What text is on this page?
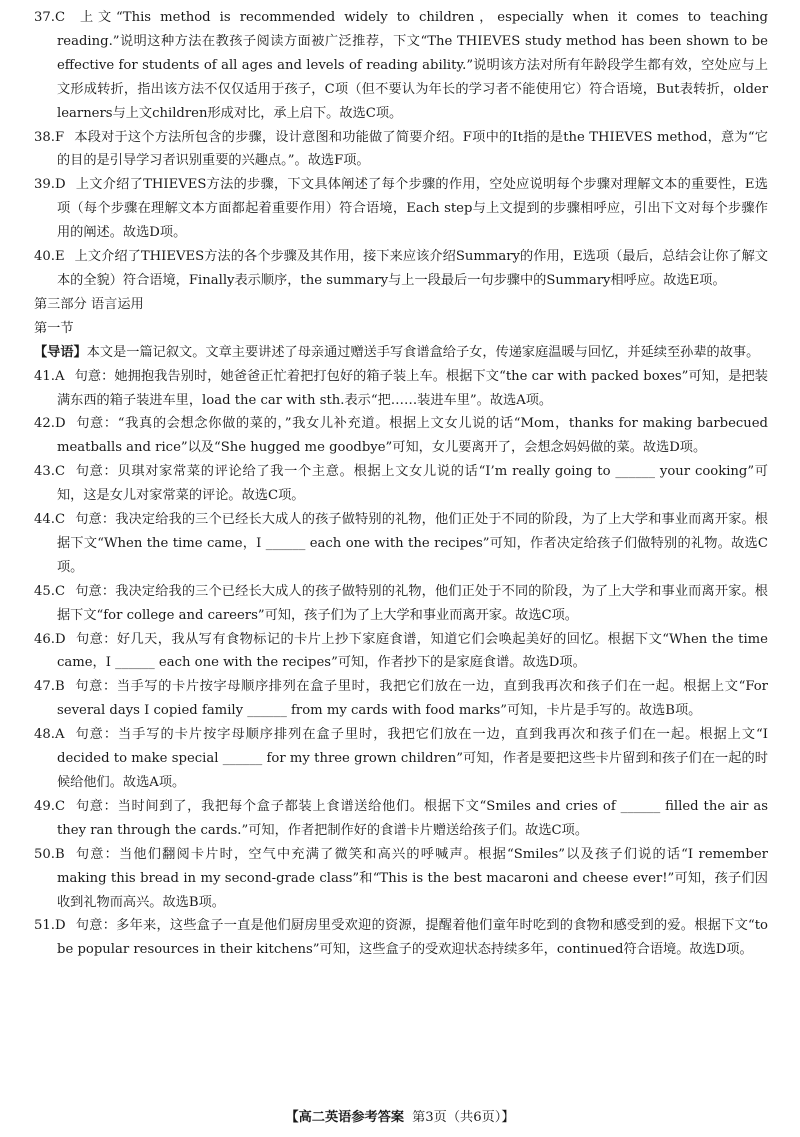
37.C 上文“This method is recommended widely to children，especially when it comes to teaching reading.”说明这种方法在教孩子阅读方面被广泛推荐，下文“The THIEVES study method has been shown to be effective for students of all ages and levels of reading ability.”说明该方法对所有年龄段学生都有效，空处应与上文形成转折，指出该方法不仅仅适用于孩子，C项（但不要认为年长的学习者不能使用它）符合语境，But表转折，older learners与上文children形成对比，承上启下。故选C项。

38.F 本段对于这个方法所包含的步骤，设计意图和功能做了简要介绍。F项中的It指的是the THIEVES method，意为“它的目的是引导学习者识别重要的兴趣点。”。故选F项。

39.D 上文介绍了THIEVES方法的步骤，下文具体阐述了每个步骤的作用，空处应说明每个步骤对理解文本的重要性，E选项（每个步骤在理解文本方面都起着重要作用）符合语境，Each step与上文提到的步骤相呼应，引出下文对每个步骤作用的阐述。故选D项。

40.E 上文介绍了THIEVES方法的各个步骤及其作用，接下来应该介绍Summary的作用，E选项（最后，总结会让你了解文本的全貌）符合语境，Finally表示顺序，the summary与上一段最后一句步骤中的Summary相呼应。故选E项。

第三部分 语言运用

第一节

【导语】本文是一篇记叙文。文章主要讲述了母亲通过赠送手写食谱盒给子女，传递家庭温暖与回忆，并延续至孙辈的故事。

41.A 句意：她拥抱我告别时，她爸爸正忙着把打包好的箱子装上车。根据下文“the car with packed boxes”可知，是把装满东西的箱子装进车里，load the car with sth.表示“把……装进车里”。故选A项。

42.D 句意：“我真的会想念你做的菜的，”我女儿补充道。根据上文女儿说的话“Mom，thanks for making barbecued meatballs and rice”以及“She hugged me goodbye”可知，女儿要离开了，会想念妈妈做的菜。故选D项。

43.C 句意：贝琪对家常菜的评论给了我一个主意。根据上文女儿说的话“I’m really going to ______ your cooking”可知，这是女儿对家常菜的评论。故选C项。

44.C 句意：我决定给我的三个已经长大成人的孩子做特别的礼物，他们正处于不同的阶段，为了上大学和事业而离开家。根据下文“When the time came，I ______ each one with the recipes”可知，作者决定给孩子们做特别的礼物。故选C项。

45.C 句意：我决定给我的三个已经长大成人的孩子做特别的礼物，他们正处于不同的阶段，为了上大学和事业而离开家。根据下文“for college and careers”可知，孩子们为了上大学和事业而离开家。故选C项。

46.D 句意：好几天，我从写有食物标记的卡片上抄下家庭食谱，知道它们会唤起美好的回忆。根据下文“When the time came，I ______ each one with the recipes”可知，作者抄下的是家庭食谱。故选D项。

47.B 句意：当手写的卡片按字母顺序排列在盒子里时，我把它们放在一边，直到我再次和孩子们在一起。根据上文“For several days I copied family ______ from my cards with food marks”可知，卡片是手写的。故选B项。

48.A 句意：当手写的卡片按字母顺序排列在盒子里时，我把它们放在一边，直到我再次和孩子们在一起。根据上文“I decided to make special ______ for my three grown children”可知，作者是要把这些卡片留到和孩子们在一起的时候给他们。故选A项。

49.C 句意：当时间到了，我把每个盒子都装上食谱送给他们。根据下文“Smiles and cries of ______ filled the air as they ran through the cards.”可知，作者把制作好的食谱卡片赠送给孩子们。故选C项。

50.B 句意：当他们翻阅卡片时，空气中充满了微笑和高兴的呼喊声。根据“Smiles”以及孩子们说的话“I remember making this bread in my second-grade class”和“This is the best macaroni and cheese ever!”可知，孩子们因收到礼物而高兴。故选B项。

51.D 句意：多年来，这些盒子一直是他们厨房里受欢迎的资源，提醒着他们童年时吃到的食物和感受到的爱。根据下文“to be popular resources in their kitchens”可知，这些盒子的受欢迎状态持续多年，continued符合语境。故选D项。

【高二英语参考答案 第3页（共6页）】
